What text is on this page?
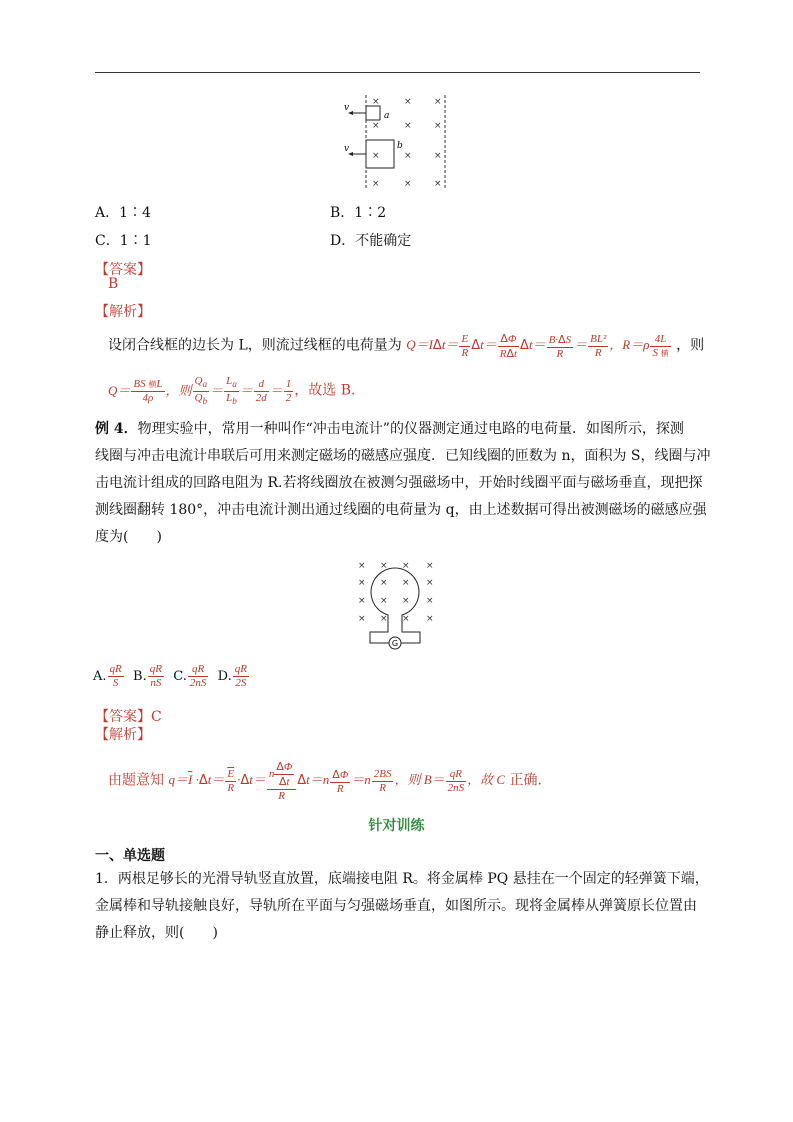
×	× ×
×	× ×
× ×
×	× ×
×
v
v
a
b
A．1∶4	B．1∶2
C．1∶1	D．不能确定
【答案】
B
【解析】
设闭合线框的边长为 L，则流过线框的电荷量为 $Q=I\Delta t= \frac{E}{R} \Delta t= \frac{\Delta\Phi}{\text{RΔt}} \Delta t= \frac{B\cdot\Delta S}{R} = \frac{\text{BL²}}{R}$ ，$R=\rho \frac{4L}{\text{S 横}}$ ，则
$Q= \frac{\text{BS 横L}}{4\rho}$ ，则 $\frac{Q_a}{Q_b} = \frac{L_a}{L_b} = \frac{d}{2d} = \frac{1}{2}$ ，故选 B.
例 4．物理实验中，常用一种叫作“冲击电流计”的仪器测定通过电路的电荷量．如图所示，探测
线圈与冲击电流计串联后可用来测定磁场的磁感应强度．已知线圈的匝数为 n，面积为 S，线圈与冲
击电流计组成的回路电阻为 R.若将线圈放在被测匀强磁场中，开始时线圈平面与磁场垂直，现把探
测线圈翻转 180°，冲击电流计测出通过线圈的电荷量为 q，由上述数据可得出被测磁场的磁感应强
度为(　　)
× × × ×
× × × ×
× × × ×
× × × ×
G
A. $\frac{qR}{S} B$. $\frac{qR}{nS} C$. $\frac{qR}{2nS} D$. $\frac{qR}{2S}$
【答案】C
【解析】
由题意知 $q=\overline{I} \cdot\Delta t= \frac{\overline{E}}{R} \cdot\Delta t= \frac{n \frac{\Delta\Phi}{\Delta t}}{R} \Delta t=n \frac{\Delta\Phi}{R} =n \frac{2BS}{R}$ ，则 $B= \frac{qR}{2nS}$ ，故 C 正确.
针对训练
一、单选题
1．两根足够长的光滑导轨竖直放置，底端接电阻 R。将金属棒 PQ 悬挂在一个固定的轻弹簧下端，
金属棒和导轨接触良好，导轨所在平面与匀强磁场垂直，如图所示。现将金属棒从弹簧原长位置由
静止释放，则(　　)
